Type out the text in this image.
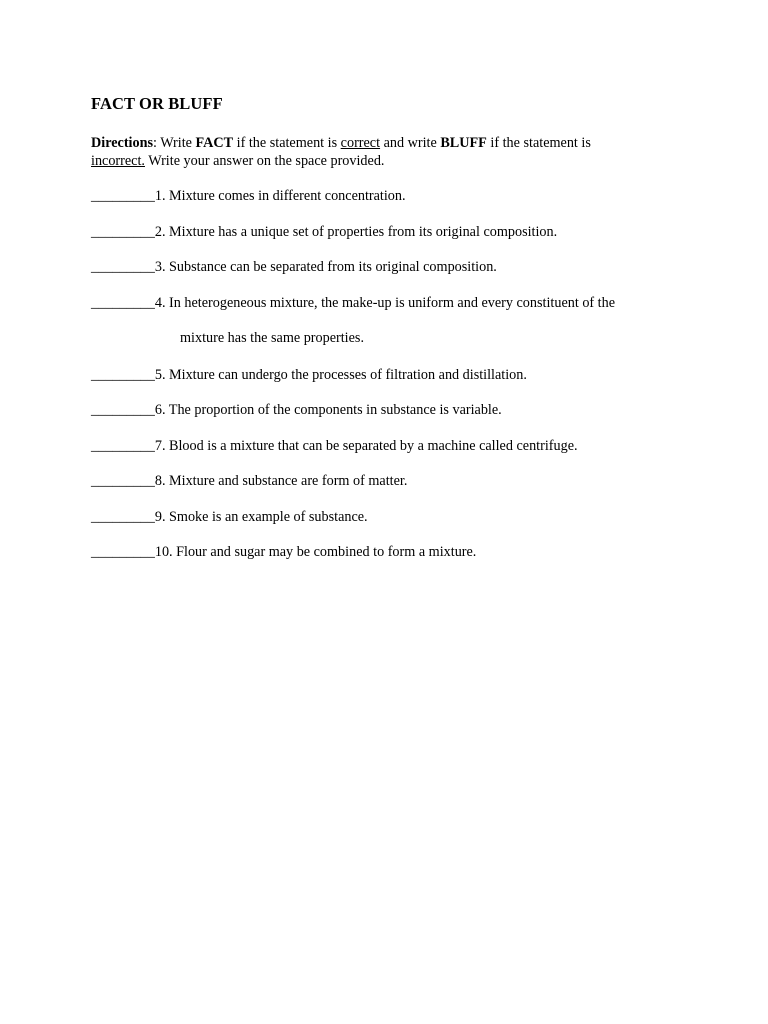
FACT OR BLUFF
Directions: Write FACT if the statement is correct and write BLUFF if the statement is
incorrect. Write your answer on the space provided.
_________1. Mixture comes in different concentration.
_________2. Mixture has a unique set of properties from its original composition.
_________3. Substance can be separated from its original composition.
_________4. In heterogeneous mixture, the make-up is uniform and every constituent of the
mixture has the same properties.
_________5. Mixture can undergo the processes of filtration and distillation.
_________6. The proportion of the components in substance is variable.
_________7. Blood is a mixture that can be separated by a machine called centrifuge.
_________8. Mixture and substance are form of matter.
_________9. Smoke is an example of substance.
_________10. Flour and sugar may be combined to form a mixture.
